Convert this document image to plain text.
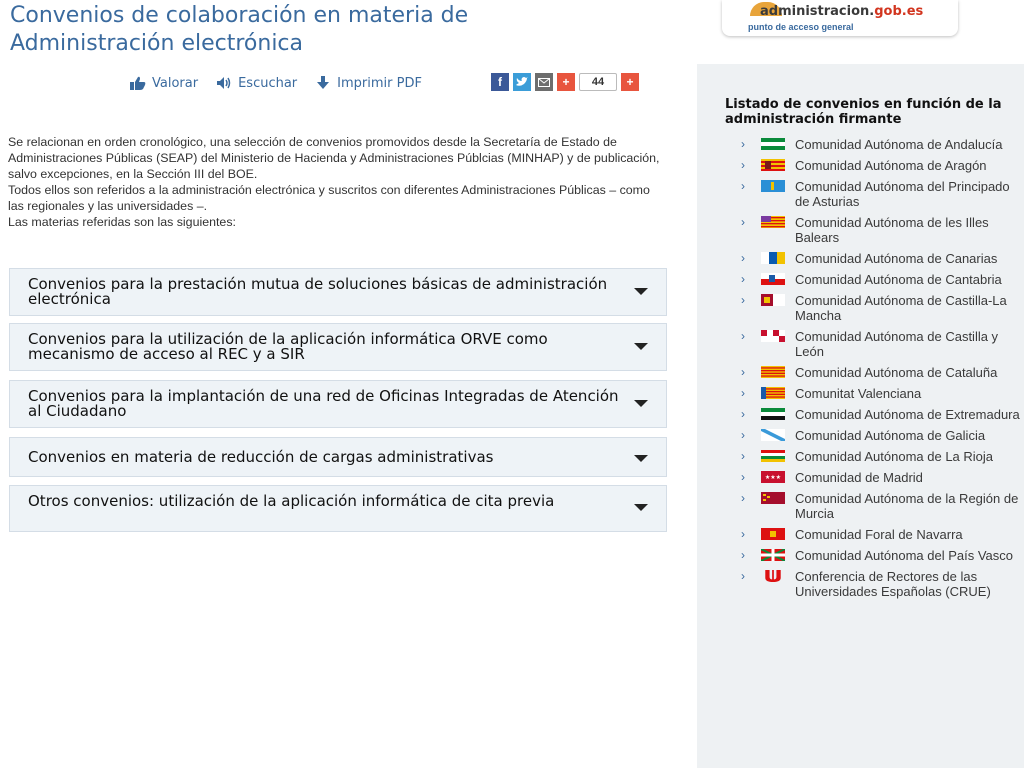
Convenios de colaboración en materia de
Administración electrónica
administracion.gob.es
punto de acceso general
Valorar	Escuchar	Imprimir PDF	f	+	44	+

Se relacionan en orden cronológico, una selección de convenios promovidos desde la Secretaría de Estado de Administraciones Públicas (SEAP) del Ministerio de Hacienda y Administraciones Públcias (MINHAP) y de publicación, salvo excepciones, en la Sección III del BOE.

Todos ellos son referidos a la administración electrónica y suscritos con diferentes Administraciones Públicas – como las regionales y las universidades –.

Las materias referidas son las siguientes:

Convenios para la prestación mutua de soluciones básicas de administración electrónica
Convenios para la utilización de la aplicación informática ORVE como mecanismo de acceso al REC y a SIR
Convenios para la implantación de una red de Oficinas Integradas de Atención al Ciudadano
Convenios en materia de reducción de cargas administrativas
Otros convenios: utilización de la aplicación informática de cita previa
Listado de convenios en función de la administración firmante
›	Comunidad Autónoma de Andalucía
›	Comunidad Autónoma de Aragón
›	Comunidad Autónoma del Principado de Asturias
›	Comunidad Autónoma de les Illes Balears
›	Comunidad Autónoma de Canarias
›	Comunidad Autónoma de Cantabria
›	Comunidad Autónoma de Castilla-La Mancha
›	Comunidad Autónoma de Castilla y León
›	Comunidad Autónoma de Cataluña
›	Comunitat Valenciana
›	Comunidad Autónoma de Extremadura
›	Comunidad Autónoma de Galicia
›	Comunidad Autónoma de La Rioja
›	★★★ Comunidad de Madrid
›	Comunidad Autónoma de la Región de Murcia
›	Comunidad Foral de Navarra
›	Comunidad Autónoma del País Vasco
›	Conferencia de Rectores de las Universidades Españolas (CRUE)
